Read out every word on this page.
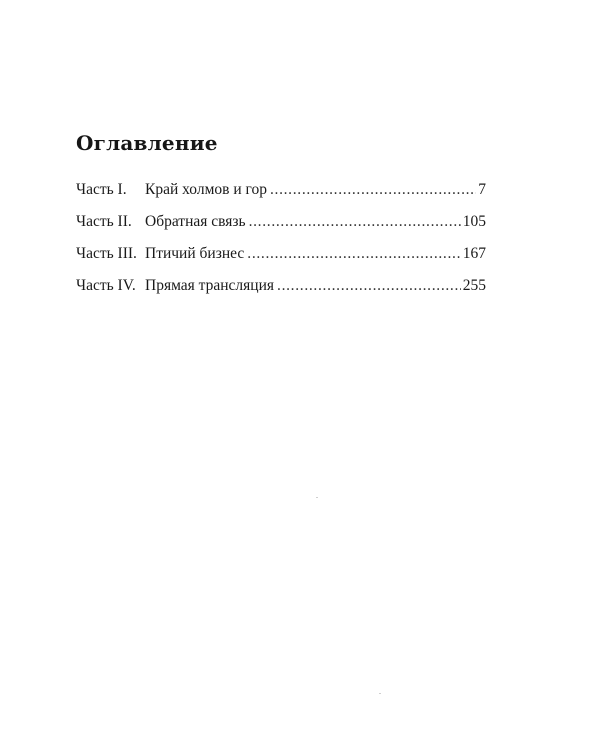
Оглавление
Часть I.	Край холмов и гор . . .	7
Часть II. Обратная связь . . .	105
Часть III. Птичий бизнес . . .	167
Часть IV. Прямая трансляция . . .	255
